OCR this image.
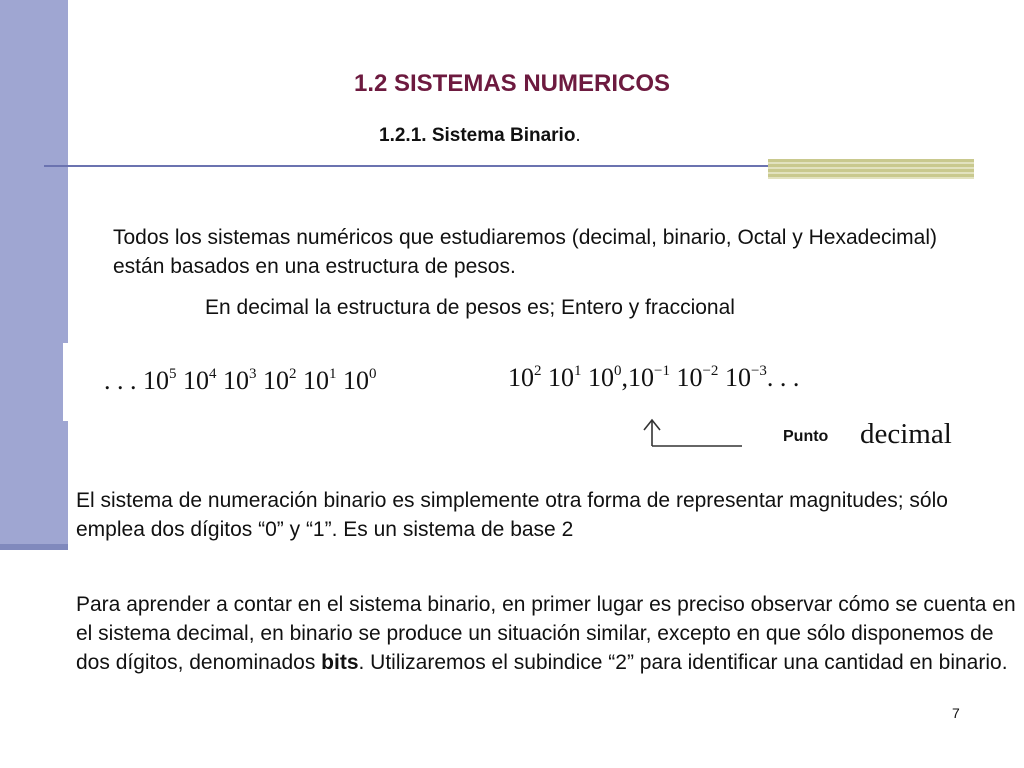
1.2 SISTEMAS NUMERICOS
1.2.1. Sistema Binario.

Todos los sistemas numéricos que estudiaremos (decimal, binario, Octal y Hexadecimal) están basados en una estructura de pesos.

En decimal la estructura de pesos es; Entero y fraccional

. . . $10^5$ $10^4$ $10^3$ $10^2$ $10^1$ $10^0$	$10^2$ $10^1$ $10^0,10^{-1}$ $10^{-2}$ $10^{-3}$. . .
Punto decimal

El sistema de numeración binario es simplemente otra forma de representar magnitudes; sólo emplea dos dígitos “0” y “1”. Es un sistema de base 2

Para aprender a contar en el sistema binario, en primer lugar es preciso observar cómo se cuenta en el sistema decimal, en binario se produce un situación similar, excepto en que sólo disponemos de dos dígitos, denominados bits. Utilizaremos el subindice “2” para identificar una cantidad en binario.

7
